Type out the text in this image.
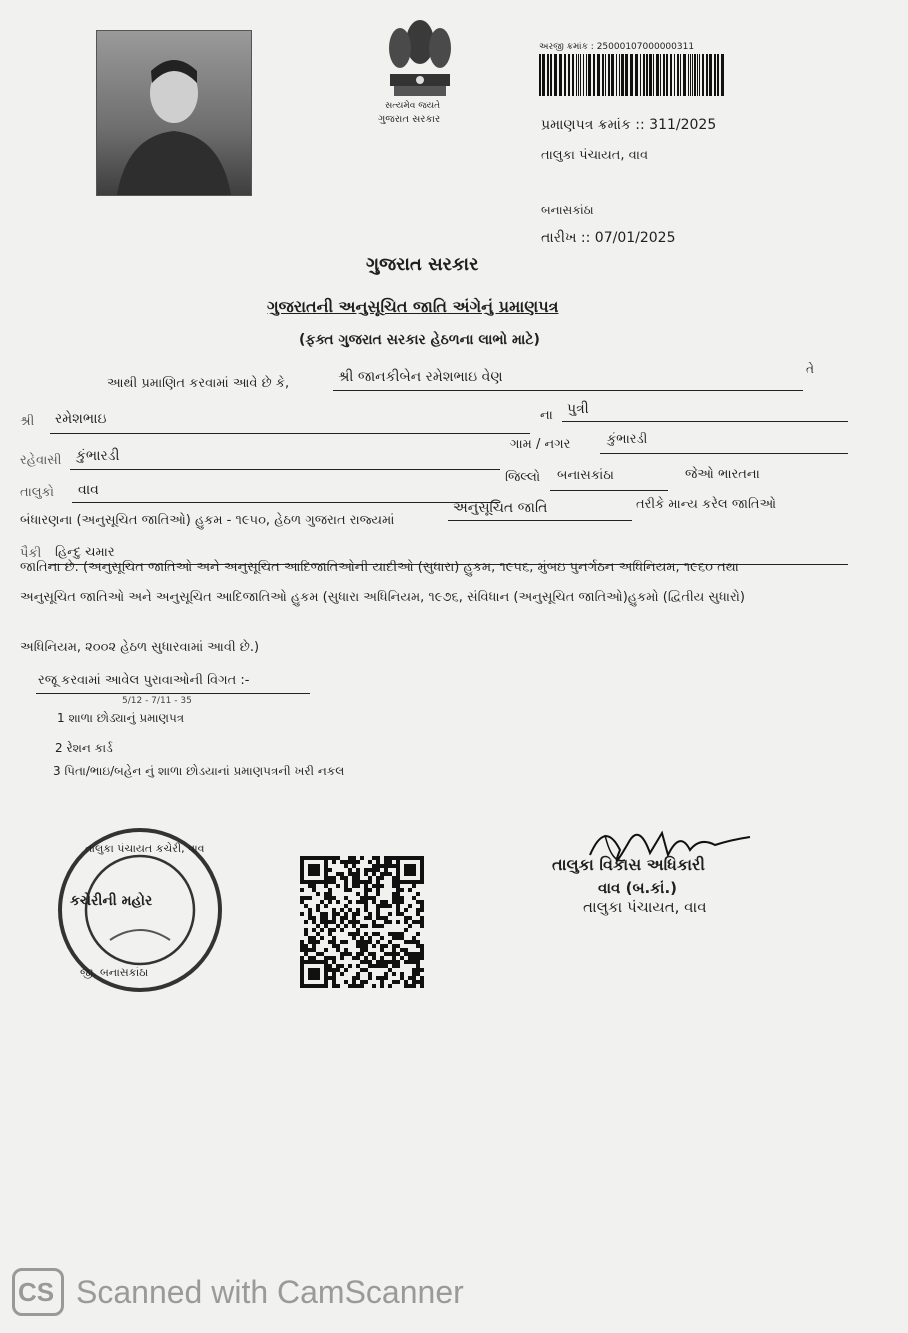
સત્યમેવ જયતે
ગુજરાત સરકાર
અરજી ક્રમાંક : 25000107000000311
પ્રમાણપત્ર ક્રમાંક :: 311/2025
તાલુકા પંચાયત, વાવ
બનાસકાંઠા
તારીખ :: 07/01/2025
ગુજરાત સરકાર
ગુજરાતની અનુસૂચિત જાતિ અંગેનું પ્રમાણપત્ર
(ફક્ત ગુજરાત સરકાર હેઠળના લાભો માટે)
આથી પ્રમાણિત કરવામાં આવે છે કે,	શ્રી જાનકીબેન રમેશભાઇ વેણ	તે
શ્રી રમેશભાઇ	ના પુત્રી
રહેવાસી કુંભારડી
ગામ / નગર	કુંભારડી
તાલુકો વાવ
જિલ્લો બનાસકાંઠા	જેઓ ભારતના
બંધારણના (અનુસૂચિત જાતિઓ) હુકમ - ૧૯૫૦, હેઠળ ગુજરાત રાજ્યમાં
અનુસૂચિત જાતિ	તરીકે માન્ય કરેલ જાતિઓ
પૈકી હિન્દુ ચમાર
જાતિના છે. (અનુસૂચિત જાતિઓ અને અનુસૂચિત આદિજાતિઓની યાદીઓ (સુધારા) હુકમ, ૧૯૫૬, મુંબઇ પુનર્ગઠન અધિનિયમ, ૧૯૬૦ તથા
અનુસૂચિત જાતિઓ અને અનુસૂચિત આદિજાતિઓ હુકમ (સુધારા અધિનિયમ, ૧૯૭૬, સંવિધાન (અનુસૂચિત જાતિઓ)હુકમો (દ્વિતીય સુધારો)
અધિનિયમ, ૨૦૦૨ હેઠળ સુધારવામાં આવી છે.)
રજૂ કરવામાં આવેલ પુરાવાઓની વિગત :-
5/12 - 7/11 - 35
1 શાળા છોડ્યાનું પ્રમાણપત્ર
2 રેશન કાર્ડ
3 પિતા/ભાઇ/બહેન નું શાળા છોડયાનાં પ્રમાણપત્રની ખરી નકલ
તાલુકા પંચાયત કચેરી, વાવ
કચેરીની મહોર
જી. બનાસકાંઠા
તાલુકા વિકાસ અધિકારી
વાવ (બ.કાં.)
તાલુકા પંચાયત, વાવ
CS Scanned with CamScanner
